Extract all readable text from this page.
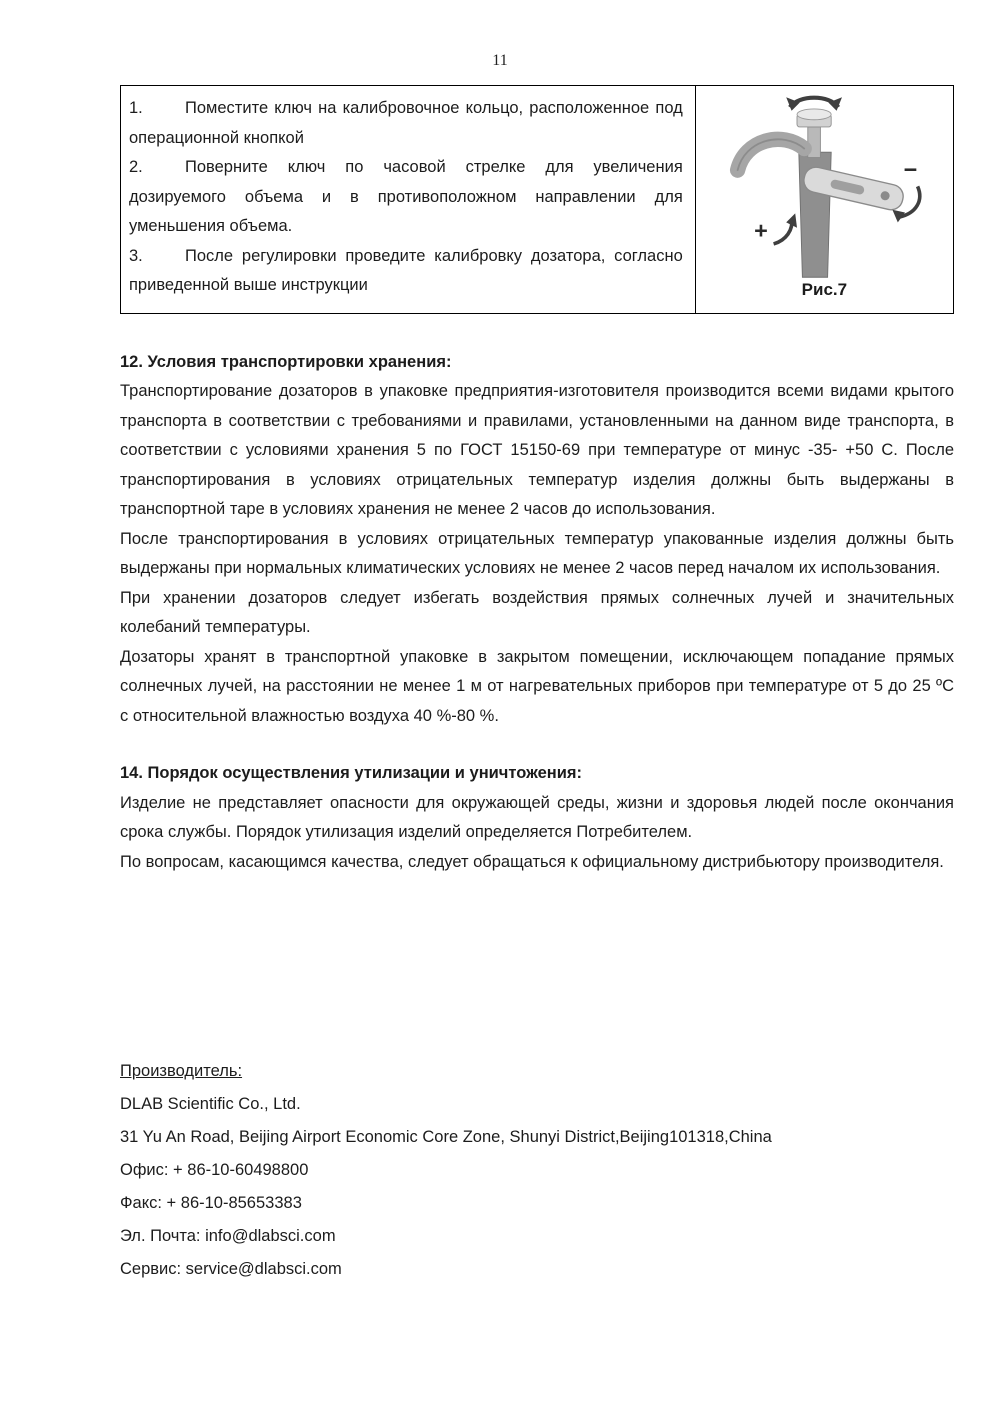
11
1.	Поместите ключ на калибровочное кольцо, расположенное под операционной кнопкой
2.	Поверните ключ по часовой стрелке для увеличения дозируемого объема и в противоположном направлении для уменьшения объема.
3.	После регулировки проведите калибровку дозатора, согласно приведенной выше инструкции

−
+
Рис.7
12. Условия транспортировки хранения:

Транспортирование дозаторов в упаковке предприятия-изготовителя производится всеми видами крытого транспорта в соответствии с требованиями и правилами, установленными на данном виде транспорта, в соответствии с условиями хранения 5 по ГОСТ 15150-69 при температуре от минус -35- +50 С. После транспортирования в условиях отрицательных температур изделия должны быть выдержаны в транспортной таре в условиях хранения не менее 2 часов до использования.

После транспортирования в условиях отрицательных температур упакованные изделия должны быть выдержаны при нормальных климатических условиях не менее 2 часов перед началом их использования.

При хранении дозаторов следует избегать воздействия прямых солнечных лучей и значительных колебаний температуры.

Дозаторы хранят в транспортной упаковке в закрытом помещении, исключающем попадание прямых солнечных лучей, на расстоянии не менее 1 м от нагревательных приборов при температуре от 5 до 25 ºС с относительной влажностью воздуха 40 %-80 %.

14. Порядок осуществления утилизации и уничтожения:

Изделие не представляет опасности для окружающей среды, жизни и здоровья людей после окончания срока службы. Порядок утилизация изделий определяется Потребителем.

По вопросам, касающимся качества, следует обращаться к официальному дистрибьютору производителя.

Производитель:
DLAB Scientific Co., Ltd.
31 Yu An Road, Beijing Airport Economic Core Zone, Shunyi District,Beijing101318,China
Офис: + 86-10-60498800
Факс: + 86-10-85653383
Эл. Почта: info@dlabsci.com
Сервис: service@dlabsci.com
